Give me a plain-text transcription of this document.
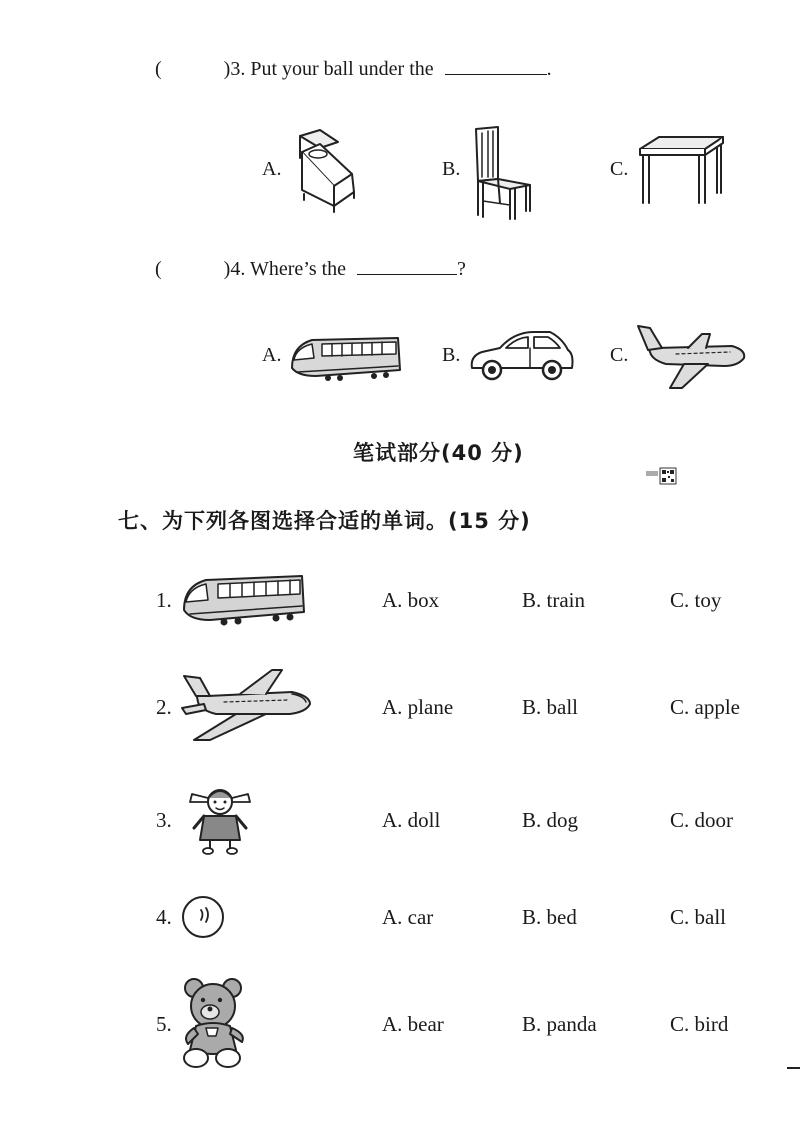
(	)3. Put your ball under the	.
A.	B.	C.
(	)4. Where’s the	?
A.	B.	C.
笔试部分(40 分)
七、为下列各图选择合适的单词。(15 分)
1.	A. box	B. train	C. toy
2.	A. plane	B. ball	C. apple
3.	A. doll	B. dog	C. door
4.	A. car	B. bed	C. ball
5.	A. bear	B. panda	C. bird
